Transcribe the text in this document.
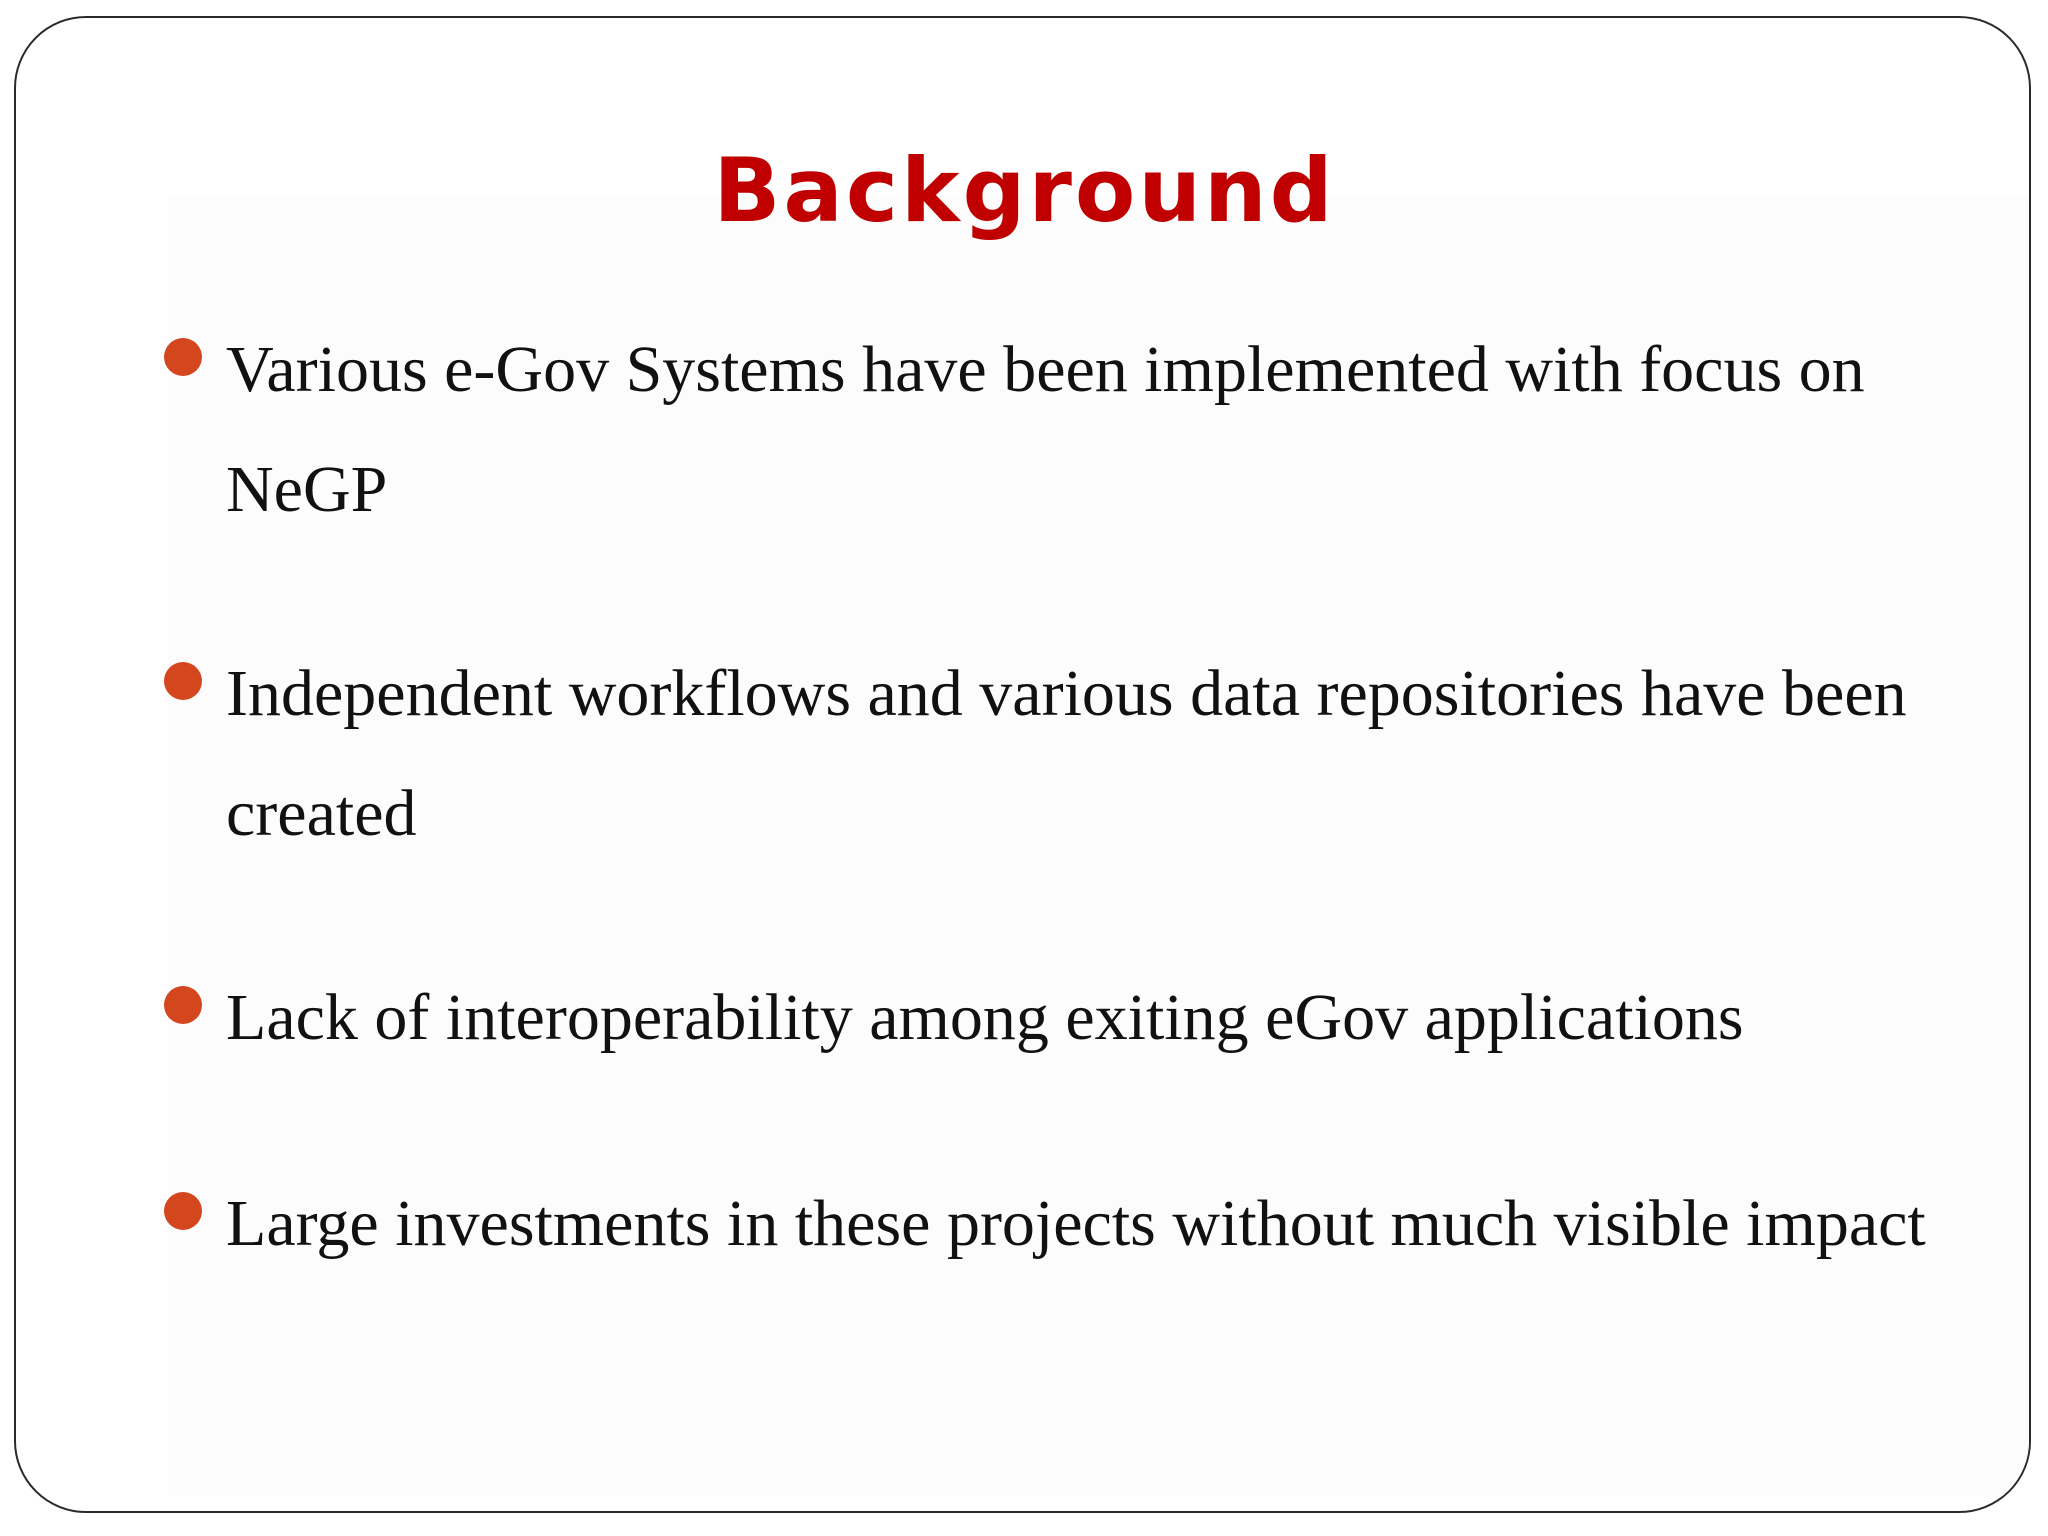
Background
Various e-Gov Systems have been implemented with focus on NeGP
Independent workflows and various data repositories have been created
Lack of interoperability among exiting eGov applications
Large investments in these projects without much visible impact
